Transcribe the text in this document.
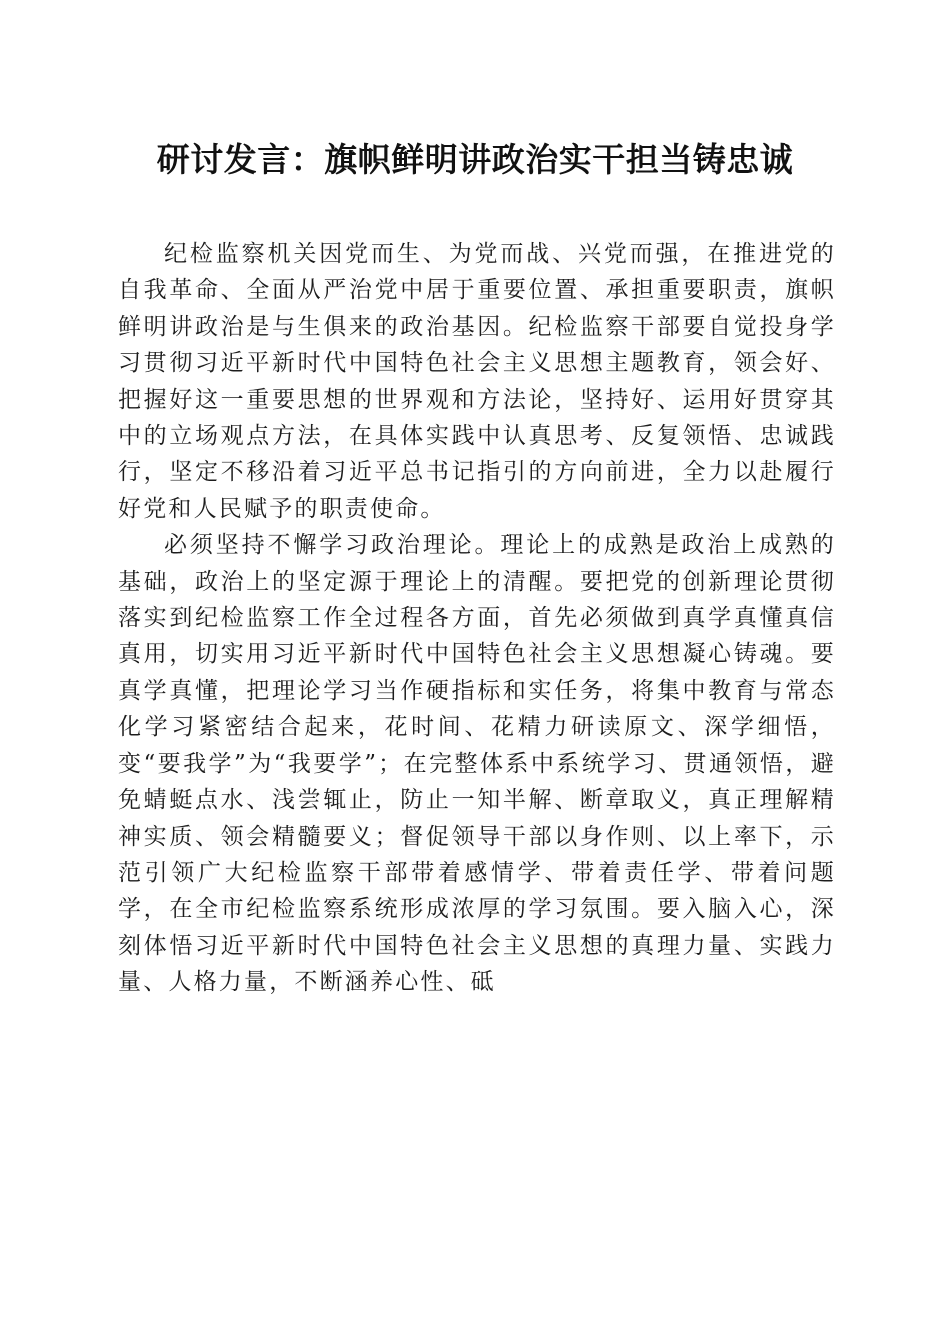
研讨发言：旗帜鲜明讲政治实干担当铸忠诚

纪检监察机关因党而生、为党而战、兴党而强，在推进党的自我革命、全面从严治党中居于重要位置、承担重要职责，旗帜鲜明讲政治是与生俱来的政治基因。纪检监察干部要自觉投身学习贯彻习近平新时代中国特色社会主义思想主题教育，领会好、把握好这一重要思想的世界观和方法论，坚持好、运用好贯穿其中的立场观点方法，在具体实践中认真思考、反复领悟、忠诚践行，坚定不移沿着习近平总书记指引的方向前进，全力以赴履行好党和人民赋予的职责使命。

必须坚持不懈学习政治理论。理论上的成熟是政治上成熟的基础，政治上的坚定源于理论上的清醒。要把党的创新理论贯彻落实到纪检监察工作全过程各方面，首先必须做到真学真懂真信真用，切实用习近平新时代中国特色社会主义思想凝心铸魂。要真学真懂，把理论学习当作硬指标和实任务，将集中教育与常态化学习紧密结合起来，花时间、花精力研读原文、深学细悟，变“要我学”为“我要学”；在完整体系中系统学习、贯通领悟，避免蜻蜓点水、浅尝辄止，防止一知半解、断章取义，真正理解精神实质、领会精髓要义；督促领导干部以身作则、以上率下，示范引领广大纪检监察干部带着感情学、带着责任学、带着问题学，在全市纪检监察系统形成浓厚的学习氛围。要入脑入心，深刻体悟习近平新时代中国特色社会主义思想的真理力量、实践力量、人格力量，不断涵养心性、砥
